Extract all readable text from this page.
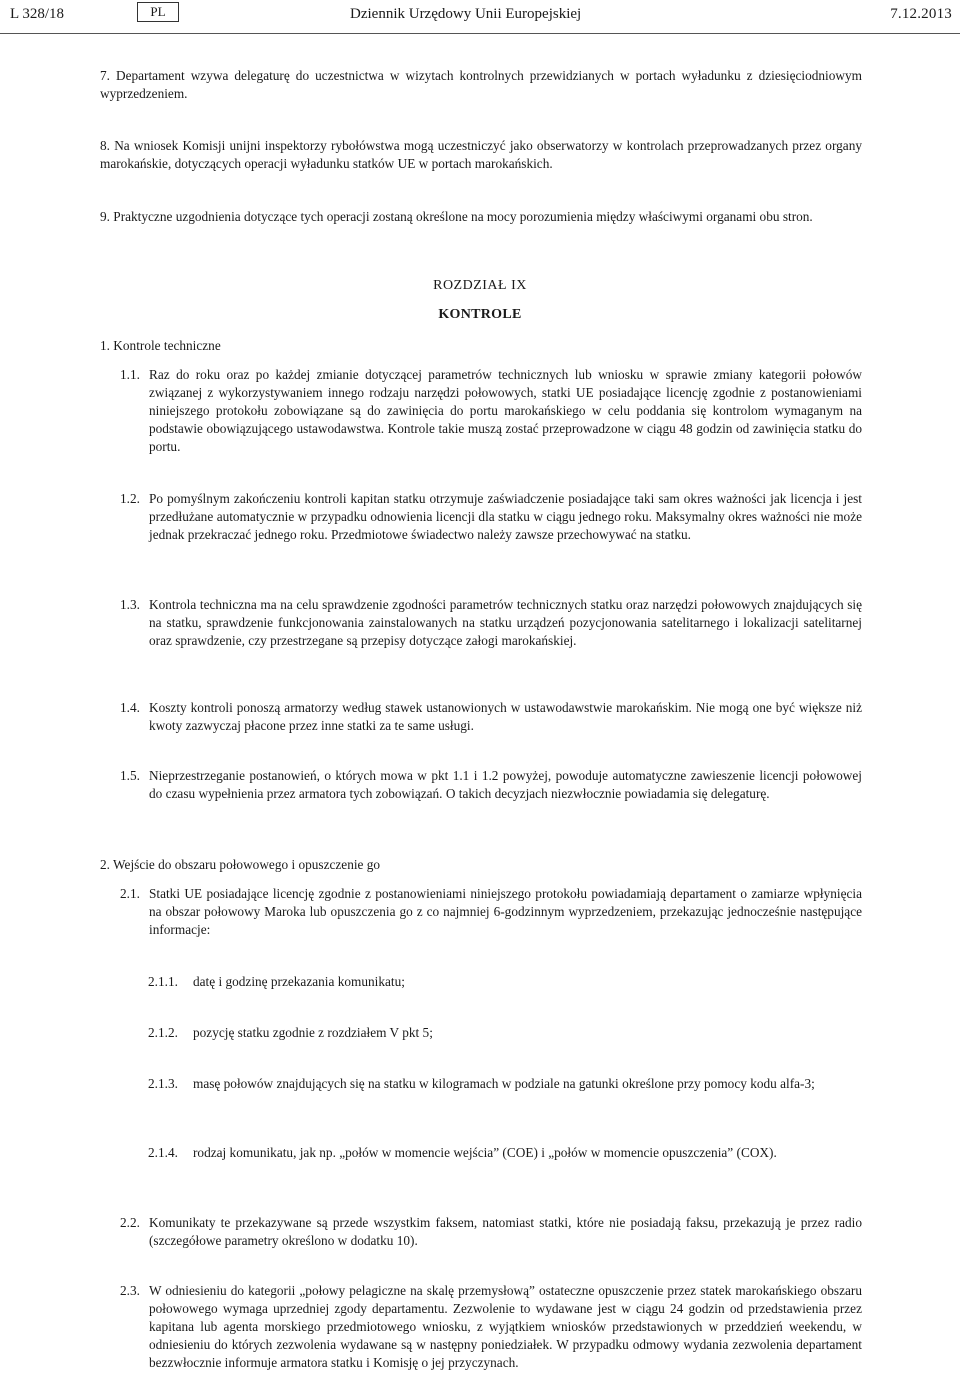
L 328/18	PL	Dziennik Urzędowy Unii Europejskiej	7.12.2013
7. Departament wzywa delegaturę do uczestnictwa w wizytach kontrolnych przewidzianych w portach wyładunku z dziesięciodniowym wyprzedzeniem.
8. Na wniosek Komisji unijni inspektorzy rybołówstwa mogą uczestniczyć jako obserwatorzy w kontrolach przeprowadzanych przez organy marokańskie, dotyczących operacji wyładunku statków UE w portach marokańskich.
9. Praktyczne uzgodnienia dotyczące tych operacji zostaną określone na mocy porozumienia między właściwymi organami obu stron.
ROZDZIAŁ IX
KONTROLE
1. Kontrole techniczne
1.1. Raz do roku oraz po każdej zmianie dotyczącej parametrów technicznych lub wniosku w sprawie zmiany kategorii połowów związanej z wykorzystywaniem innego rodzaju narzędzi połowowych, statki UE posiadające licencję zgodnie z postanowieniami niniejszego protokołu zobowiązane są do zawinięcia do portu marokańskiego w celu poddania się kontrolom wymaganym na podstawie obowiązującego ustawodawstwa. Kontrole takie muszą zostać przeprowadzone w ciągu 48 godzin od zawinięcia statku do portu.
1.2. Po pomyślnym zakończeniu kontroli kapitan statku otrzymuje zaświadczenie posiadające taki sam okres ważności jak licencja i jest przedłużane automatycznie w przypadku odnowienia licencji dla statku w ciągu jednego roku. Maksymalny okres ważności nie może jednak przekraczać jednego roku. Przedmiotowe świadectwo należy zawsze przechowywać na statku.
1.3. Kontrola techniczna ma na celu sprawdzenie zgodności parametrów technicznych statku oraz narzędzi połowowych znajdujących się na statku, sprawdzenie funkcjonowania zainstalowanych na statku urządzeń pozycjonowania satelitarnego i lokalizacji satelitarnej oraz sprawdzenie, czy przestrzegane są przepisy dotyczące załogi marokańskiej.
1.4. Koszty kontroli ponoszą armatorzy według stawek ustanowionych w ustawodawstwie marokańskim. Nie mogą one być większe niż kwoty zazwyczaj płacone przez inne statki za te same usługi.
1.5. Nieprzestrzeganie postanowień, o których mowa w pkt 1.1 i 1.2 powyżej, powoduje automatyczne zawieszenie licencji połowowej do czasu wypełnienia przez armatora tych zobowiązań. O takich decyzjach niezwłocznie powiadamia się delegaturę.
2. Wejście do obszaru połowowego i opuszczenie go
2.1. Statki UE posiadające licencję zgodnie z postanowieniami niniejszego protokołu powiadamiają departament o zamiarze wpłynięcia na obszar połowowy Maroka lub opuszczenia go z co najmniej 6-godzinnym wyprzedzeniem, przekazując jednocześnie następujące informacje:
2.1.1. datę i godzinę przekazania komunikatu;
2.1.2. pozycję statku zgodnie z rozdziałem V pkt 5;
2.1.3. masę połowów znajdujących się na statku w kilogramach w podziale na gatunki określone przy pomocy kodu alfa-3;
2.1.4. rodzaj komunikatu, jak np. „połów w momencie wejścia” (COE) i „połów w momencie opuszczenia” (COX).
2.2. Komunikaty te przekazywane są przede wszystkim faksem, natomiast statki, które nie posiadają faksu, przekazują je przez radio (szczegółowe parametry określono w dodatku 10).
2.3. W odniesieniu do kategorii „połowy pelagiczne na skalę przemysłową” ostateczne opuszczenie przez statek marokańskiego obszaru połowowego wymaga uprzedniej zgody departamentu. Zezwolenie to wydawane jest w ciągu 24 godzin od przedstawienia przez kapitana lub agenta morskiego przedmiotowego wniosku, z wyjątkiem wniosków przedstawionych w przeddzień weekendu, w odniesieniu do których zezwolenia wydawane są w następny poniedziałek. W przypadku odmowy wydania zezwolenia departament bezzwłocznie informuje armatora statku i Komisję o jej przyczynach.
